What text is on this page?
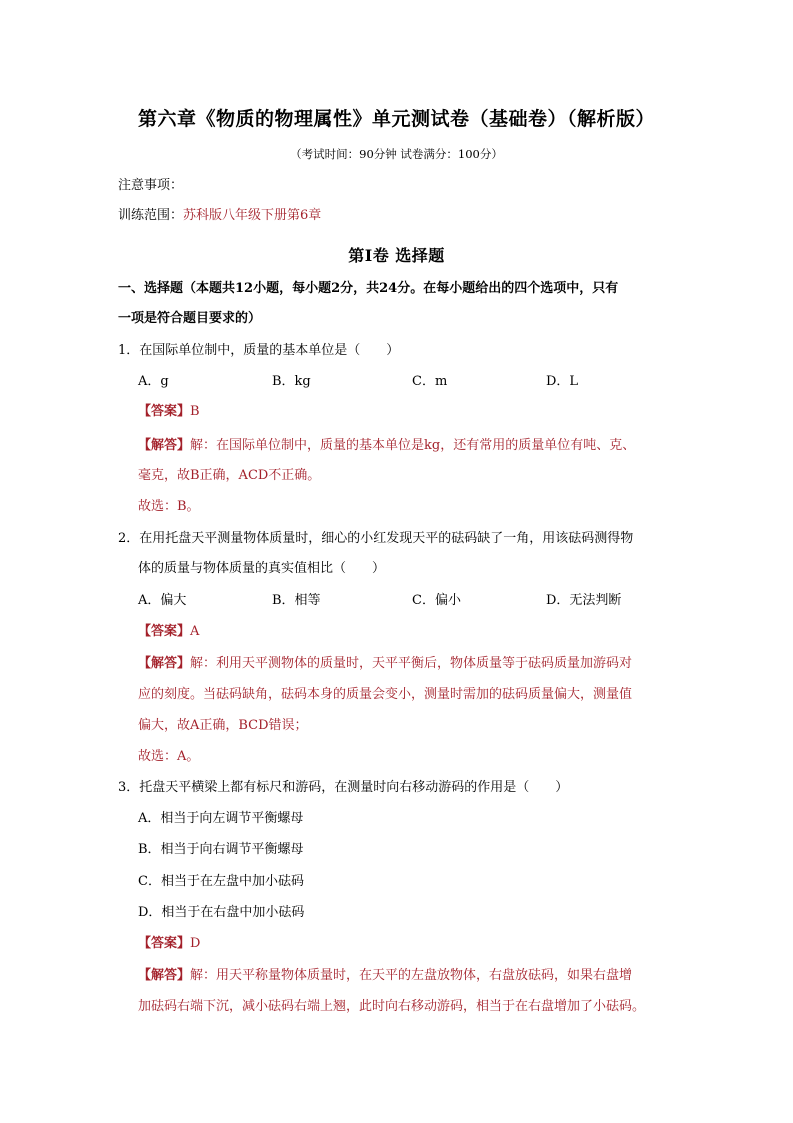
第六章《物质的物理属性》单元测试卷（基础卷）（解析版）
（考试时间：90分钟 试卷满分：100分）
注意事项：
训练范围：苏科版八年级下册第6章
第Ⅰ卷 选择题
一、选择题（本题共12小题，每小题2分，共24分。在每小题给出的四个选项中，只有
一项是符合题目要求的）
1．在国际单位制中，质量的基本单位是（　　）
A．g	B．kg	C．m	D．L
【答案】B
【解答】解：在国际单位制中，质量的基本单位是kg，还有常用的质量单位有吨、克、
毫克，故B正确，ACD不正确。
故选：B。
2．在用托盘天平测量物体质量时，细心的小红发现天平的砝码缺了一角，用该砝码测得物
体的质量与物体质量的真实值相比（　　）
A．偏大	B．相等	C．偏小	D．无法判断
【答案】A
【解答】解：利用天平测物体的质量时，天平平衡后，物体质量等于砝码质量加游码对
应的刻度。当砝码缺角，砝码本身的质量会变小，测量时需加的砝码质量偏大，测量值
偏大，故A正确，BCD错误；
故选：A。
3．托盘天平横梁上都有标尺和游码，在测量时向右移动游码的作用是（　　）
A．相当于向左调节平衡螺母
B．相当于向右调节平衡螺母
C．相当于在左盘中加小砝码
D．相当于在右盘中加小砝码
【答案】D
【解答】解：用天平称量物体质量时，在天平的左盘放物体，右盘放砝码，如果右盘增
加砝码右端下沉，减小砝码右端上翘，此时向右移动游码，相当于在右盘增加了小砝码。
